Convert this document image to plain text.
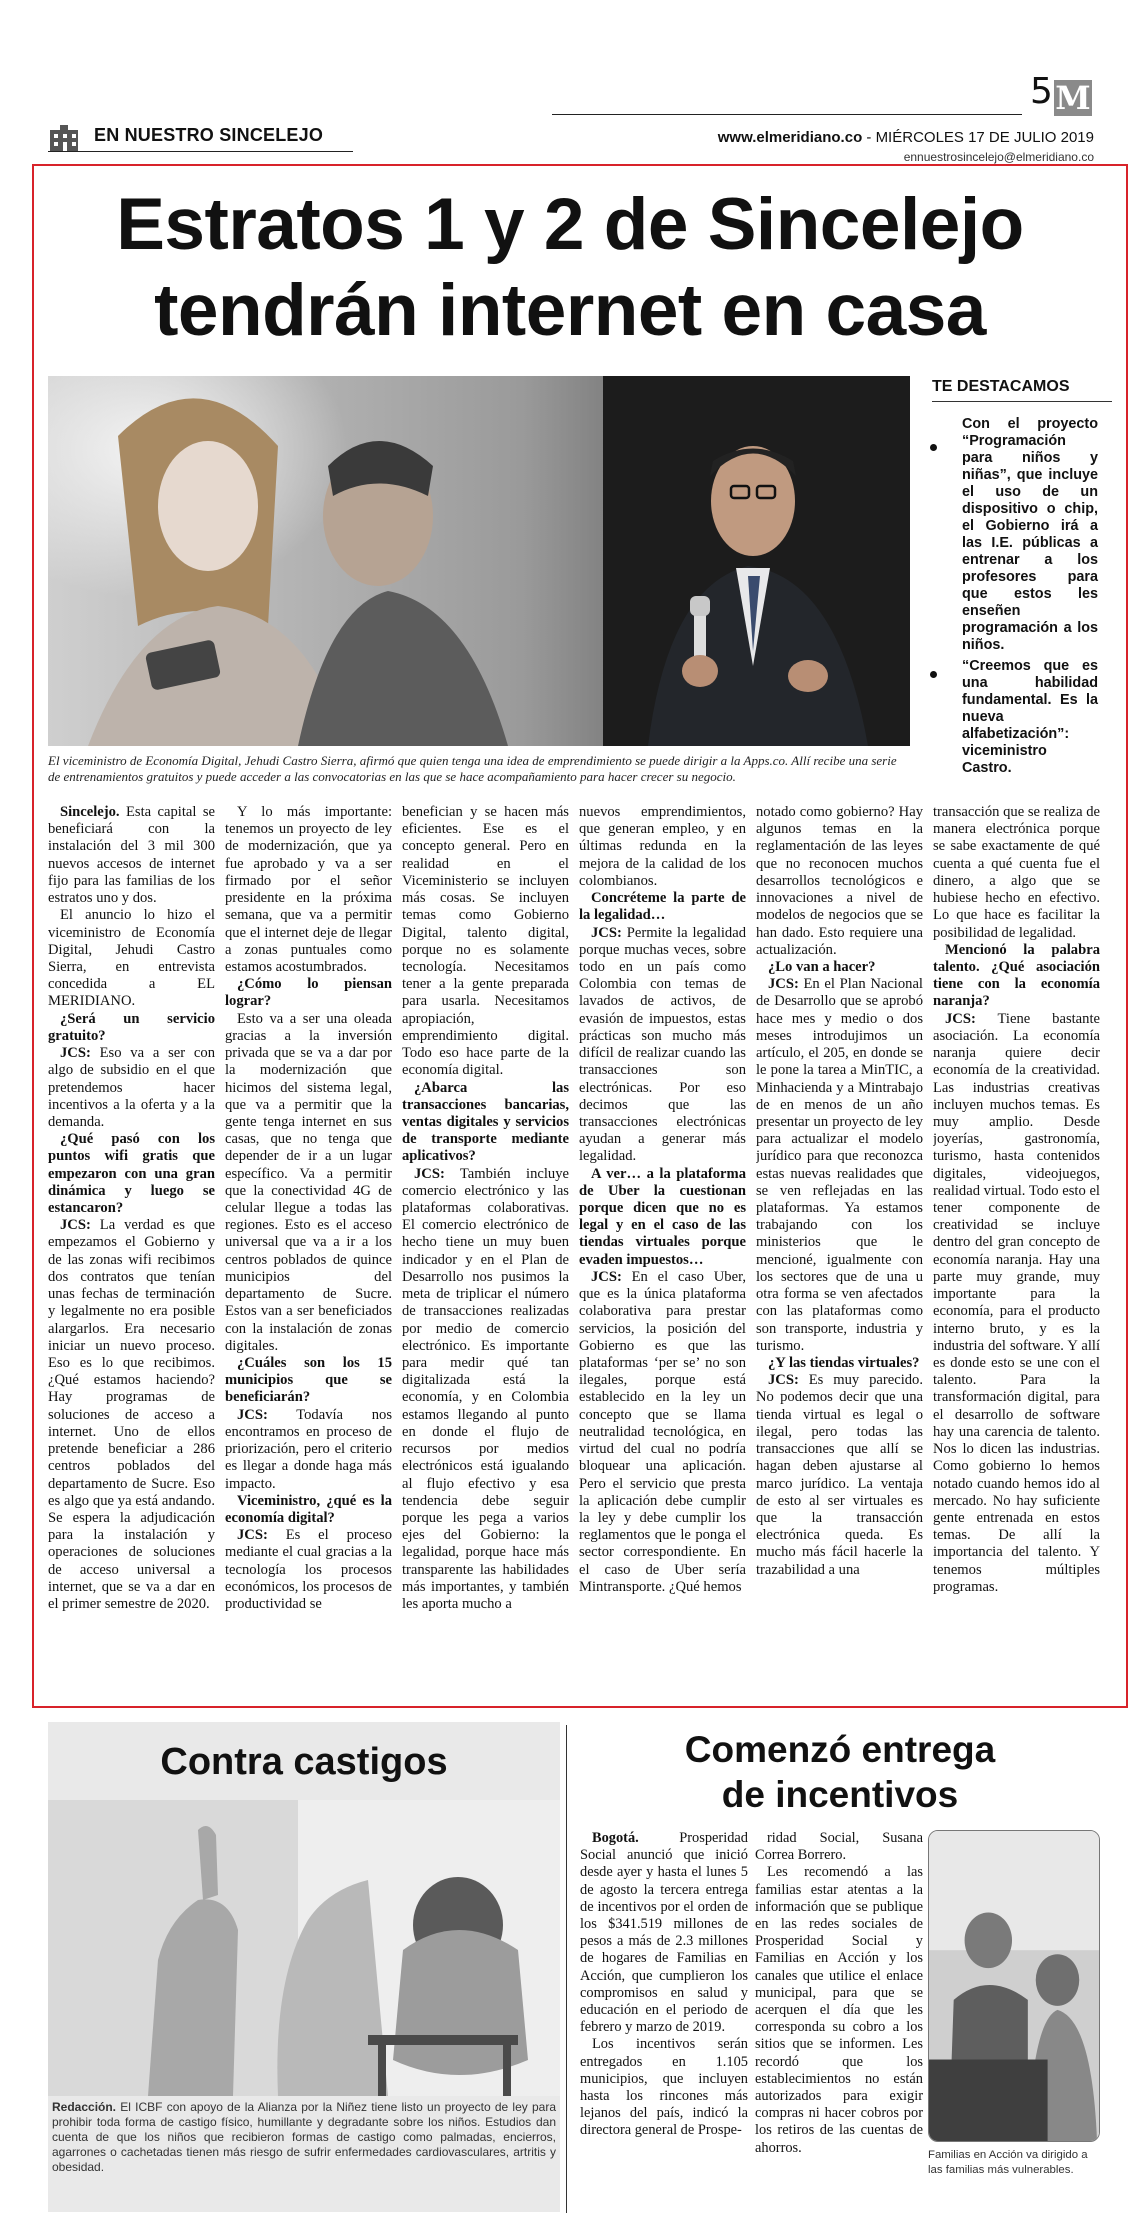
5 M
EN NUESTRO SINCELEJO	www.elmeridiano.co - MIÉRCOLES 17 DE JULIO 2019
ennuestrosincelejo@elmeridiano.co
Estratos 1 y 2 de Sincelejo
tendrán internet en casa
El viceministro de Economía Digital, Jehudi Castro Sierra, afirmó que quien tenga una idea de emprendimiento se puede dirigir a la Apps.co. Allí recibe una serie de entrenamientos gratuitos y puede acceder a las convocatorias en las que se hace acompañamiento para hacer crecer su negocio.
TE DESTACAMOS
Con el proyecto “Programación para niños y niñas”, que incluye el uso de un dispositivo o chip, el Gobierno irá a las I.E. públicas a entrenar a los profesores para que estos les enseñen programación a los niños.
“Creemos que es una habilidad fundamental. Es la nueva alfabetización”: viceministro Castro.

Sincelejo. Esta capital se beneficiará con la instalación del 3 mil 300 nuevos accesos de internet fijo para las familias de los estratos uno y dos.

El anuncio lo hizo el viceministro de Economía Digital, Jehudi Castro Sierra, en entrevista concedida a EL MERIDIANO.

¿Será un servicio gratuito?

JCS: Eso va a ser con algo de subsidio en el que pretendemos hacer incentivos a la oferta y a la demanda.

¿Qué pasó con los puntos wifi gratis que empezaron con una gran dinámica y luego se estancaron?

JCS: La verdad es que empezamos el Gobierno y de las zonas wifi recibimos dos contratos que tenían unas fechas de terminación y legalmente no era posible alargarlos. Era necesario iniciar un nuevo proceso. Eso es lo que recibimos. ¿Qué estamos haciendo? Hay programas de soluciones de acceso a internet. Uno de ellos pretende beneficiar a 286 centros poblados del departamento de Sucre. Eso es algo que ya está andando. Se espera la adjudicación para la instalación y operaciones de soluciones de acceso universal a internet, que se va a dar en el primer semestre de 2020.

Y lo más importante: tenemos un proyecto de ley de modernización, que ya fue aprobado y va a ser firmado por el señor presidente en la próxima semana, que va a permitir que el internet deje de llegar a zonas puntuales como estamos acostumbrados.

¿Cómo lo piensan lograr?

Esto va a ser una oleada gracias a la inversión privada que se va a dar por la modernización que hicimos del sistema legal, que va a permitir que la gente tenga internet en sus casas, que no tenga que depender de ir a un lugar específico. Va a permitir que la conectividad 4G de celular llegue a todas las regiones. Esto es el acceso universal que va a ir a los centros poblados de quince municipios del departamento de Sucre. Estos van a ser beneficiados con la instalación de zonas digitales.

¿Cuáles son los 15 municipios que se beneficiarán?

JCS: Todavía nos encontramos en proceso de priorización, pero el criterio es llegar a donde haga más impacto.

Viceministro, ¿qué es la economía digital?

JCS: Es el proceso mediante el cual gracias a la tecnología los procesos económicos, los procesos de productividad se

benefician y se hacen más eficientes. Ese es el concepto general. Pero en realidad en el Viceministerio se incluyen más cosas. Se incluyen temas como Gobierno Digital, talento digital, porque no es solamente tecnología. Necesitamos tener a la gente preparada para usarla. Necesitamos apropiación, emprendimiento digital. Todo eso hace parte de la economía digital.

¿Abarca las transacciones bancarias, ventas digitales y servicios de transporte mediante aplicativos?

JCS: También incluye comercio electrónico y las plataformas colaborativas. El comercio electrónico de hecho tiene un muy buen indicador y en el Plan de Desarrollo nos pusimos la meta de triplicar el número de transacciones realizadas por medio de comercio electrónico. Es importante para medir qué tan digitalizada está la economía, y en Colombia estamos llegando al punto en donde el flujo de recursos por medios electrónicos está igualando al flujo efectivo y esa tendencia debe seguir porque les pega a varios ejes del Gobierno: la legalidad, porque hace más transparente las habilidades más importantes, y también les aporta mucho a

nuevos emprendimientos, que generan empleo, y en últimas redunda en la mejora de la calidad de los colombianos.

Concréteme la parte de la legalidad…

JCS: Permite la legalidad porque muchas veces, sobre todo en un país como Colombia con temas de lavados de activos, de evasión de impuestos, estas prácticas son mucho más difícil de realizar cuando las transacciones son electrónicas. Por eso decimos que las transacciones electrónicas ayudan a generar más legalidad.

A ver… a la plataforma de Uber la cuestionan porque dicen que no es legal y en el caso de las tiendas virtuales porque evaden impuestos…

JCS: En el caso Uber, que es la única plataforma colaborativa para prestar servicios, la posición del Gobierno es que las plataformas ‘per se’ no son ilegales, porque está establecido en la ley un concepto que se llama neutralidad tecnológica, en virtud del cual no podría bloquear una aplicación. Pero el servicio que presta la aplicación debe cumplir la ley y debe cumplir los reglamentos que le ponga el sector correspondiente. En el caso de Uber sería Mintransporte. ¿Qué hemos

notado como gobierno? Hay algunos temas en la reglamentación de las leyes que no reconocen muchos desarrollos tecnológicos e innovaciones a nivel de modelos de negocios que se han dado. Esto requiere una actualización.

¿Lo van a hacer?

JCS: En el Plan Nacional de Desarrollo que se aprobó hace mes y medio o dos meses introdujimos un artículo, el 205, en donde se le pone la tarea a MinTIC, a Minhacienda y a Mintrabajo de en menos de un año presentar un proyecto de ley para actualizar el modelo jurídico para que reconozca estas nuevas realidades que se ven reflejadas en las plataformas. Ya estamos trabajando con los ministerios que le mencioné, igualmente con los sectores que de una u otra forma se ven afectados con las plataformas como son transporte, industria y turismo.

¿Y las tiendas virtuales?

JCS: Es muy parecido. No podemos decir que una tienda virtual es legal o ilegal, pero todas las transacciones que allí se hagan deben ajustarse al marco jurídico. La ventaja de esto al ser virtuales es que la transacción electrónica queda. Es mucho más fácil hacerle la trazabilidad a una

transacción que se realiza de manera electrónica porque se sabe exactamente de qué cuenta a qué cuenta fue el dinero, a algo que se hubiese hecho en efectivo. Lo que hace es facilitar la posibilidad de legalidad.

Mencionó la palabra talento. ¿Qué asociación tiene con la economía naranja?

JCS: Tiene bastante asociación. La economía naranja quiere decir economía de la creatividad. Las industrias creativas incluyen muchos temas. Es muy amplio. Desde joyerías, gastronomía, turismo, hasta contenidos digitales, videojuegos, realidad virtual. Todo esto el tener componente de creatividad se incluye dentro del gran concepto de economía naranja. Hay una parte muy grande, muy importante para la economía, para el producto interno bruto, y es la industria del software. Y allí es donde esto se une con el talento. Para la transformación digital, para el desarrollo de software hay una carencia de talento. Nos lo dicen las industrias. Como gobierno lo hemos notado cuando hemos ido al mercado. No hay suficiente gente entrenada en estos temas. De allí la importancia del talento. Y tenemos múltiples programas.

Contra castigos
Redacción. El ICBF con apoyo de la Alianza por la Niñez tiene listo un proyecto de ley para prohibir toda forma de castigo físico, humillante y degradante sobre los niños. Estudios dan cuenta de que los niños que recibieron formas de castigo como palmadas, encierros, agarrones o cachetadas tienen más riesgo de sufrir enfermedades cardiovasculares, artritis y obesidad.
Comenzó entrega
de incentivos

Bogotá. Prosperidad Social anunció que inició desde ayer y hasta el lunes 5 de agosto la tercera entrega de incentivos por el orden de los $341.519 millones de pesos a más de 2.3 millones de hogares de Familias en Acción, que cumplieron los compromisos en salud y educación en el periodo de febrero y marzo de 2019.

Los incentivos serán entregados en 1.105 municipios, que incluyen hasta los rincones más lejanos del país, indicó la directora general de Prospe-

ridad Social, Susana Correa Borrero.

Les recomendó a las familias estar atentas a la información que se publique en las redes sociales de Prosperidad Social y Familias en Acción y los canales que utilice el enlace municipal, para que se acerquen el día que les corresponda su cobro a los sitios que se informen. Les recordó que los establecimientos no están autorizados para exigir compras ni hacer cobros por los retiros de las cuentas de ahorros.	Familias en Acción va dirigido a las familias más vulnerables.
